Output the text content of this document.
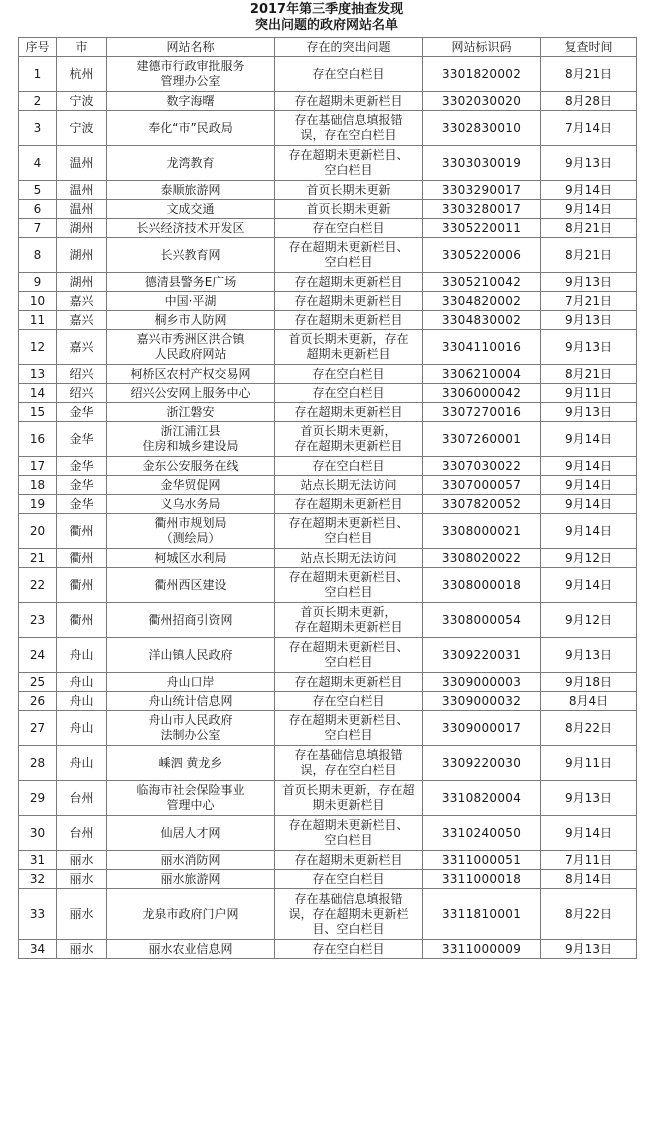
2017年第三季度抽查发现
突出问题的政府网站名单
序号	市	网站名称	存在的突出问题	网站标识码	复查时间
1	杭州	建德市行政审批服务
管理办公室	存在空白栏目	3301820002	8月21日
2	宁波	数字海曙	存在超期未更新栏目	3302030020	8月28日
3	宁波	奉化“市”民政局	存在基础信息填报错
误，存在空白栏目	3302830010	7月14日
4	温州	龙湾教育	存在超期未更新栏目、
空白栏目	3303030019	9月13日
5	温州	泰顺旅游网	首页长期未更新	3303290017	9月14日
6	温州	文成交通	首页长期未更新	3303280017	9月14日
7	湖州	长兴经济技术开发区	存在空白栏目	3305220011	8月21日
8	湖州	长兴教育网	存在超期未更新栏目、
空白栏目	3305220006	8月21日
9	湖州	德清县警务E广场	存在超期未更新栏目	3305210042	9月13日
10	嘉兴	中国·平湖	存在超期未更新栏目	3304820002	7月21日
11	嘉兴	桐乡市人防网	存在超期未更新栏目	3304830002	9月13日
12	嘉兴	嘉兴市秀洲区洪合镇
人民政府网站	首页长期未更新，存在
超期未更新栏目	3304110016	9月13日
13	绍兴	柯桥区农村产权交易网	存在空白栏目	3306210004	8月21日
14	绍兴	绍兴公安网上服务中心	存在空白栏目	3306000042	9月11日
15	金华	浙江磐安	存在超期未更新栏目	3307270016	9月13日
16	金华	浙江浦江县
住房和城乡建设局	首页长期未更新，
存在超期未更新栏目	3307260001	9月14日
17	金华	金东公安服务在线	存在空白栏目	3307030022	9月14日
18	金华	金华贸促网	站点长期无法访问	3307000057	9月14日
19	金华	义乌水务局	存在超期未更新栏目	3307820052	9月14日
20	衢州	衢州市规划局
（测绘局）	存在超期未更新栏目、
空白栏目	3308000021	9月14日
21	衢州	柯城区水利局	站点长期无法访问	3308020022	9月12日
22	衢州	衢州西区建设	存在超期未更新栏目、
空白栏目	3308000018	9月14日
23	衢州	衢州招商引资网	首页长期未更新，
存在超期未更新栏目	3308000054	9月12日
24	舟山	洋山镇人民政府	存在超期未更新栏目、
空白栏目	3309220031	9月13日
25	舟山	舟山口岸	存在超期未更新栏目	3309000003	9月18日
26	舟山	舟山统计信息网	存在空白栏目	3309000032	8月4日
27	舟山	舟山市人民政府
法制办公室	存在超期未更新栏目、
空白栏目	3309000017	8月22日
28	舟山	嵊泗 黄龙乡	存在基础信息填报错
误，存在空白栏目	3309220030	9月11日
29	台州	临海市社会保险事业
管理中心	首页长期未更新，存在超
期未更新栏目	3310820004	9月13日
30	台州	仙居人才网	存在超期未更新栏目、
空白栏目	3310240050	9月14日
31	丽水	丽水消防网	存在超期未更新栏目	3311000051	7月11日
32	丽水	丽水旅游网	存在空白栏目	3311000018	8月14日
33	丽水	龙泉市政府门户网	存在基础信息填报错
误，存在超期未更新栏
目、空白栏目	3311810001	8月22日
34	丽水	丽水农业信息网	存在空白栏目	3311000009	9月13日
